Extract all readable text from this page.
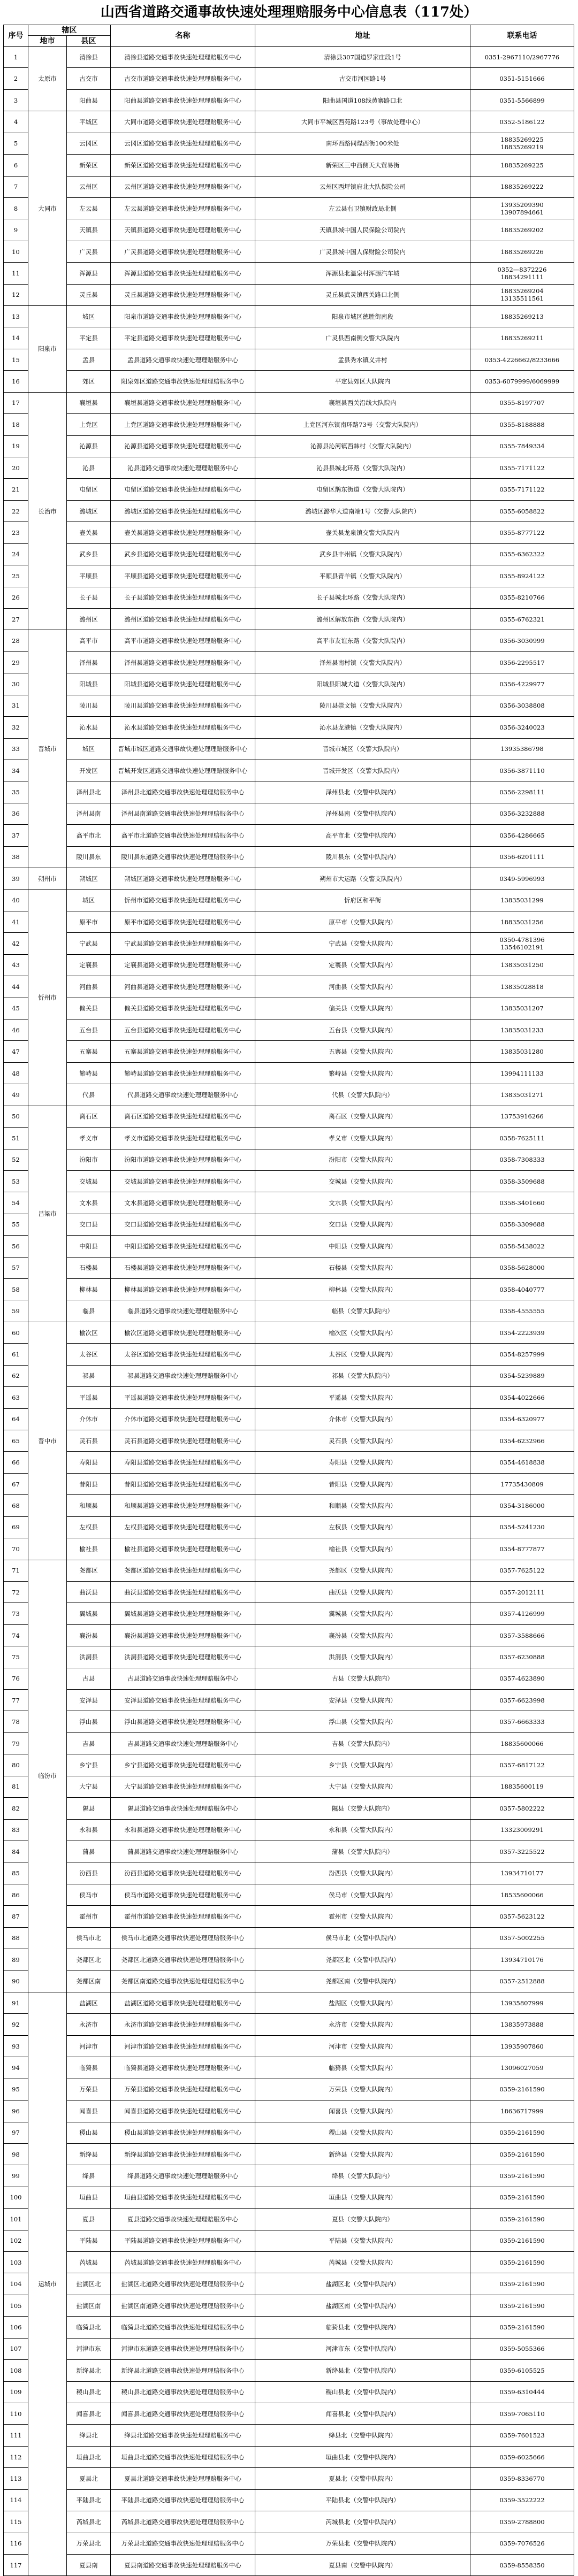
山西省道路交通事故快速处理理赔服务中心信息表（117处）
序号	辖区		名称	地址	联系电话
	地市	县区			
1	太原市	清徐县	清徐县道路交通事故快速处理理赔服务中心	清徐县307国道罗家庄段1号	0351-2967110/2967776
2		古交市	古交市道路交通事故快速处理理赔服务中心	古交市河园路1号	0351-5151666
3		阳曲县	阳曲县道路交通事故快速处理理赔服务中心	阳曲县国道108线黄寨路口北	0351-5566899
4	大同市	平城区	大同市道路交通事故快速处理理赔服务中心	大同市平城区西苑路123号（事故处理中心）	0352-5186122
5		云冈区	云冈区道路交通事故快速处理理赔服务中心	南环西路同煤西街100米处	18835269225
18835269219
6		新荣区	新荣区道路交通事故快速处理理赔服务中心	新荣区三中西侧天大贸易街	18835269225
7		云州区	云州区道路交通事故快速处理理赔服务中心	云州区西坪镇府北大队保险公司	18835269222
8		左云县	左云县道路交通事故快速处理理赔服务中心	左云县右卫镇财政局北侧	13935209390
13907894661
9		天镇县	天镇县道路交通事故快速处理理赔服务中心	天镇县城中国人民保险公司院内	18835269202
10		广灵县	广灵县道路交通事故快速处理理赔服务中心	广灵县城中国人保财险公司院内	18835269226
11		浑源县	浑源县道路交通事故快速处理理赔服务中心	浑源县北温泉村浑源汽车城	0352—8372226
18834291111
12		灵丘县	灵丘县道路交通事故快速处理理赔服务中心	灵丘县武灵镇西关路口北侧	18835269204
13135511561
13	阳泉市	城区	阳泉市道路交通事故快速处理理赔服务中心	阳泉市城区德胜街南段	18835269213
14		平定县	平定县道路交通事故快速处理理赔服务中心	广灵县西南侧交警大队院内	18835269211
15		孟县	孟县道路交通事故快速处理理赔服务中心	孟县秀水镇义井村	0353-4226662/8233666
16		郊区	阳泉郊区道路交通事故快速处理理赔服务中心	平定县郊区大队院内	0353-6079999/6069999
17	长治市	襄垣县	襄垣县道路交通事故快速处理理赔服务中心	襄垣县西关沿线大队院内	0355-8197707
18		上党区	上党区道路交通事故快速处理理赔服务中心	上党区河东镇南环路73号（交警大队院内）	0355-8188888
19		沁源县	沁源县道路交通事故快速处理理赔服务中心	沁源县沁河镇西韩村（交警大队院内）	0355-7849334
20		沁县	沁县道路交通事故快速处理理赔服务中心	沁县县城北环路（交警大队院内）	0355-7171122
21		屯留区	屯留区道路交通事故快速处理理赔服务中心	屯留区鹊东街道（交警大队院内）	0355-7171122
22		潞城区	潞城区道路交通事故快速处理理赔服务中心	潞城区潞华大道南端1号（交警大队院内）	0355-6058822
23		壶关县	壶关县道路交通事故快速处理理赔服务中心	壶关县龙泉镇交警大队院内	0355-8777122
24		武乡县	武乡县道路交通事故快速处理理赔服务中心	武乡县丰州镇（交警大队院内）	0355-6362322
25		平顺县	平顺县道路交通事故快速处理理赔服务中心	平顺县青羊镇（交警大队院内）	0355-8924122
26		长子县	长子县道路交通事故快速处理理赔服务中心	长子县城北环路（交警大队院内）	0355-8210766
27		潞州区	潞州区道路交通事故快速处理理赔服务中心	潞州区解放东街（交警大队院内）	0355-6762321
28	晋城市	高平市	高平市道路交通事故快速处理理赔服务中心	高平市友谊东路（交警大队院内）	0356-3030999
29		泽州县	泽州县道路交通事故快速处理理赔服务中心	泽州县南村镇（交警大队院内）	0356-2295517
30		阳城县	阳城县道路交通事故快速处理理赔服务中心	阳城县阳城大道（交警大队院内）	0356-4229977
31		陵川县	陵川县道路交通事故快速处理理赔服务中心	陵川县崇文镇（交警大队院内）	0356-3038808
32		沁水县	沁水县道路交通事故快速处理理赔服务中心	沁水县龙港镇（交警大队院内）	0356-3240023
33		城区	晋城市城区道路交通事故快速处理理赔服务中心	晋城市城区（交警大队院内）	13935386798
34		开发区	晋城开发区道路交通事故快速处理理赔服务中心	晋城开发区（交警大队院内）	0356-3871110
35		泽州县北	泽州县北道路交通事故快速处理理赔服务中心	泽州县北（交警中队院内）	0356-2298111
36		泽州县南	泽州县南道路交通事故快速处理理赔服务中心	泽州县南（交警中队院内）	0356-3232888
37		高平市北	高平市北道路交通事故快速处理理赔服务中心	高平市北（交警中队院内）	0356-4286665
38		陵川县东	陵川县东道路交通事故快速处理理赔服务中心	陵川县东（交警中队院内）	0356-6201111
39	朔州市	朔城区	朔城区道路交通事故快速处理理赔服务中心	朔州市大运路（交警支队院内）	0349-5996993
40	忻州市	城区	忻州市道路交通事故快速处理理赔服务中心	忻府区和平街	13835031299
41		原平市	原平市道路交通事故快速处理理赔服务中心	原平市（交警大队院内）	18835031256
42		宁武县	宁武县道路交通事故快速处理理赔服务中心	宁武县（交警大队院内）	0350-4781396
13546102191
43		定襄县	定襄县道路交通事故快速处理理赔服务中心	定襄县（交警大队院内）	13835031250
44		河曲县	河曲县道路交通事故快速处理理赔服务中心	河曲县（交警大队院内）	13835028818
45		偏关县	偏关县道路交通事故快速处理理赔服务中心	偏关县（交警大队院内）	13835031207
46		五台县	五台县道路交通事故快速处理理赔服务中心	五台县（交警大队院内）	13835031233
47		五寨县	五寨县道路交通事故快速处理理赔服务中心	五寨县（交警大队院内）	13835031280
48		繁峙县	繁峙县道路交通事故快速处理理赔服务中心	繁峙县（交警大队院内）	13994111133
49		代县	代县道路交通事故快速处理理赔服务中心	代县（交警大队院内）	13835031271
50	吕梁市	离石区	离石区道路交通事故快速处理理赔服务中心	离石区（交警大队院内）	13753916266
51		孝义市	孝义市道路交通事故快速处理理赔服务中心	孝义市（交警大队院内）	0358-7625111
52		汾阳市	汾阳市道路交通事故快速处理理赔服务中心	汾阳市（交警大队院内）	0358-7308333
53		交城县	交城县道路交通事故快速处理理赔服务中心	交城县（交警大队院内）	0358-3509688
54		文水县	文水县道路交通事故快速处理理赔服务中心	文水县（交警大队院内）	0358-3401660
55		交口县	交口县道路交通事故快速处理理赔服务中心	交口县（交警大队院内）	0358-3309688
56		中阳县	中阳县道路交通事故快速处理理赔服务中心	中阳县（交警大队院内）	0358-5438022
57		石楼县	石楼县道路交通事故快速处理理赔服务中心	石楼县（交警大队院内）	0358-5628000
58		柳林县	柳林县道路交通事故快速处理理赔服务中心	柳林县（交警大队院内）	0358-4040777
59		临县	临县道路交通事故快速处理理赔服务中心	临县（交警大队院内）	0358-4555555
60	晋中市	榆次区	榆次区道路交通事故快速处理理赔服务中心	榆次区（交警大队院内）	0354-2223939
61		太谷区	太谷区道路交通事故快速处理理赔服务中心	太谷区（交警大队院内）	0354-8257999
62		祁县	祁县道路交通事故快速处理理赔服务中心	祁县（交警大队院内）	0354-5239889
63		平遥县	平遥县道路交通事故快速处理理赔服务中心	平遥县（交警大队院内）	0354-4022666
64		介休市	介休市道路交通事故快速处理理赔服务中心	介休市（交警大队院内）	0354-6320977
65		灵石县	灵石县道路交通事故快速处理理赔服务中心	灵石县（交警大队院内）	0354-6232966
66		寿阳县	寿阳县道路交通事故快速处理理赔服务中心	寿阳县（交警大队院内）	0354-4618838
67		昔阳县	昔阳县道路交通事故快速处理理赔服务中心	昔阳县（交警大队院内）	17735430809
68		和顺县	和顺县道路交通事故快速处理理赔服务中心	和顺县（交警大队院内）	0354-3186000
69		左权县	左权县道路交通事故快速处理理赔服务中心	左权县（交警大队院内）	0354-5241230
70		榆社县	榆社县道路交通事故快速处理理赔服务中心	榆社县（交警大队院内）	0354-8777877
71	临汾市	尧都区	尧都区道路交通事故快速处理理赔服务中心	尧都区（交警大队院内）	0357-7625122
72		曲沃县	曲沃县道路交通事故快速处理理赔服务中心	曲沃县（交警大队院内）	0357-2012111
73		翼城县	翼城县道路交通事故快速处理理赔服务中心	翼城县（交警大队院内）	0357-4126999
74		襄汾县	襄汾县道路交通事故快速处理理赔服务中心	襄汾县（交警大队院内）	0357-3588666
75		洪洞县	洪洞县道路交通事故快速处理理赔服务中心	洪洞县（交警大队院内）	0357-6230888
76		古县	古县道路交通事故快速处理理赔服务中心	古县（交警大队院内）	0357-4623890
77		安泽县	安泽县道路交通事故快速处理理赔服务中心	安泽县（交警大队院内）	0357-6623998
78		浮山县	浮山县道路交通事故快速处理理赔服务中心	浮山县（交警大队院内）	0357-6663333
79		吉县	吉县道路交通事故快速处理理赔服务中心	吉县（交警大队院内）	18835600066
80		乡宁县	乡宁县道路交通事故快速处理理赔服务中心	乡宁县（交警大队院内）	0357-6817122
81		大宁县	大宁县道路交通事故快速处理理赔服务中心	大宁县（交警大队院内）	18835600119
82		隰县	隰县道路交通事故快速处理理赔服务中心	隰县（交警大队院内）	0357-5802222
83		永和县	永和县道路交通事故快速处理理赔服务中心	永和县（交警大队院内）	13323009291
84		蒲县	蒲县道路交通事故快速处理理赔服务中心	蒲县（交警大队院内）	0357-3225522
85		汾西县	汾西县道路交通事故快速处理理赔服务中心	汾西县（交警大队院内）	13934710177
86		侯马市	侯马市道路交通事故快速处理理赔服务中心	侯马市（交警大队院内）	18535600066
87		霍州市	霍州市道路交通事故快速处理理赔服务中心	霍州市（交警大队院内）	0357-5623122
88		侯马市北	侯马市北道路交通事故快速处理理赔服务中心	侯马市北（交警中队院内）	0357-5002255
89		尧都区北	尧都区北道路交通事故快速处理理赔服务中心	尧都区北（交警中队院内）	13934710176
90		尧都区南	尧都区南道路交通事故快速处理理赔服务中心	尧都区南（交警中队院内）	0357-2512888
91	运城市	盐湖区	盐湖区道路交通事故快速处理理赔服务中心	盐湖区（交警大队院内）	13935807999
92		永济市	永济市道路交通事故快速处理理赔服务中心	永济市（交警大队院内）	13835973888
93		河津市	河津市道路交通事故快速处理理赔服务中心	河津市（交警大队院内）	13935907860
94		临猗县	临猗县道路交通事故快速处理理赔服务中心	临猗县（交警大队院内）	13096027059
95		万荣县	万荣县道路交通事故快速处理理赔服务中心	万荣县（交警大队院内）	0359-2161590
96		闻喜县	闻喜县道路交通事故快速处理理赔服务中心	闻喜县（交警大队院内）	18636717999
97		稷山县	稷山县道路交通事故快速处理理赔服务中心	稷山县（交警大队院内）	0359-2161590
98		新绛县	新绛县道路交通事故快速处理理赔服务中心	新绛县（交警大队院内）	0359-2161590
99		绛县	绛县道路交通事故快速处理理赔服务中心	绛县（交警大队院内）	0359-2161590
100		垣曲县	垣曲县道路交通事故快速处理理赔服务中心	垣曲县（交警大队院内）	0359-2161590
101		夏县	夏县道路交通事故快速处理理赔服务中心	夏县（交警大队院内）	0359-2161590
102		平陆县	平陆县道路交通事故快速处理理赔服务中心	平陆县（交警大队院内）	0359-2161590
103		芮城县	芮城县道路交通事故快速处理理赔服务中心	芮城县（交警大队院内）	0359-2161590
104		盐湖区北	盐湖区北道路交通事故快速处理理赔服务中心	盐湖区北（交警中队院内）	0359-2161590
105		盐湖区南	盐湖区南道路交通事故快速处理理赔服务中心	盐湖区南（交警中队院内）	0359-2161590
106		临猗县北	临猗县北道路交通事故快速处理理赔服务中心	临猗县北（交警中队院内）	0359-2161590
107		河津市东	河津市东道路交通事故快速处理理赔服务中心	河津市东（交警中队院内）	0359-5055366
108		新绛县北	新绛县北道路交通事故快速处理理赔服务中心	新绛县北（交警中队院内）	0359-6105525
109		稷山县北	稷山县北道路交通事故快速处理理赔服务中心	稷山县北（交警中队院内）	0359-6310444
110		闻喜县北	闻喜县北道路交通事故快速处理理赔服务中心	闻喜县北（交警中队院内）	0359-7065110
111		绛县北	绛县北道路交通事故快速处理理赔服务中心	绛县北（交警中队院内）	0359-7601523
112		垣曲县北	垣曲县北道路交通事故快速处理理赔服务中心	垣曲县北（交警中队院内）	0359-6025666
113		夏县北	夏县北道路交通事故快速处理理赔服务中心	夏县北（交警中队院内）	0359-8336770
114		平陆县北	平陆县北道路交通事故快速处理理赔服务中心	平陆县北（交警中队院内）	0359-3522222
115		芮城县北	芮城县北道路交通事故快速处理理赔服务中心	芮城县北（交警中队院内）	0359-2788800
116		万荣县北	万荣县北道路交通事故快速处理理赔服务中心	万荣县北（交警中队院内）	0359-7076526
117		夏县南	夏县南道路交通事故快速处理理赔服务中心	夏县南（交警中队院内）	0359-8558350
